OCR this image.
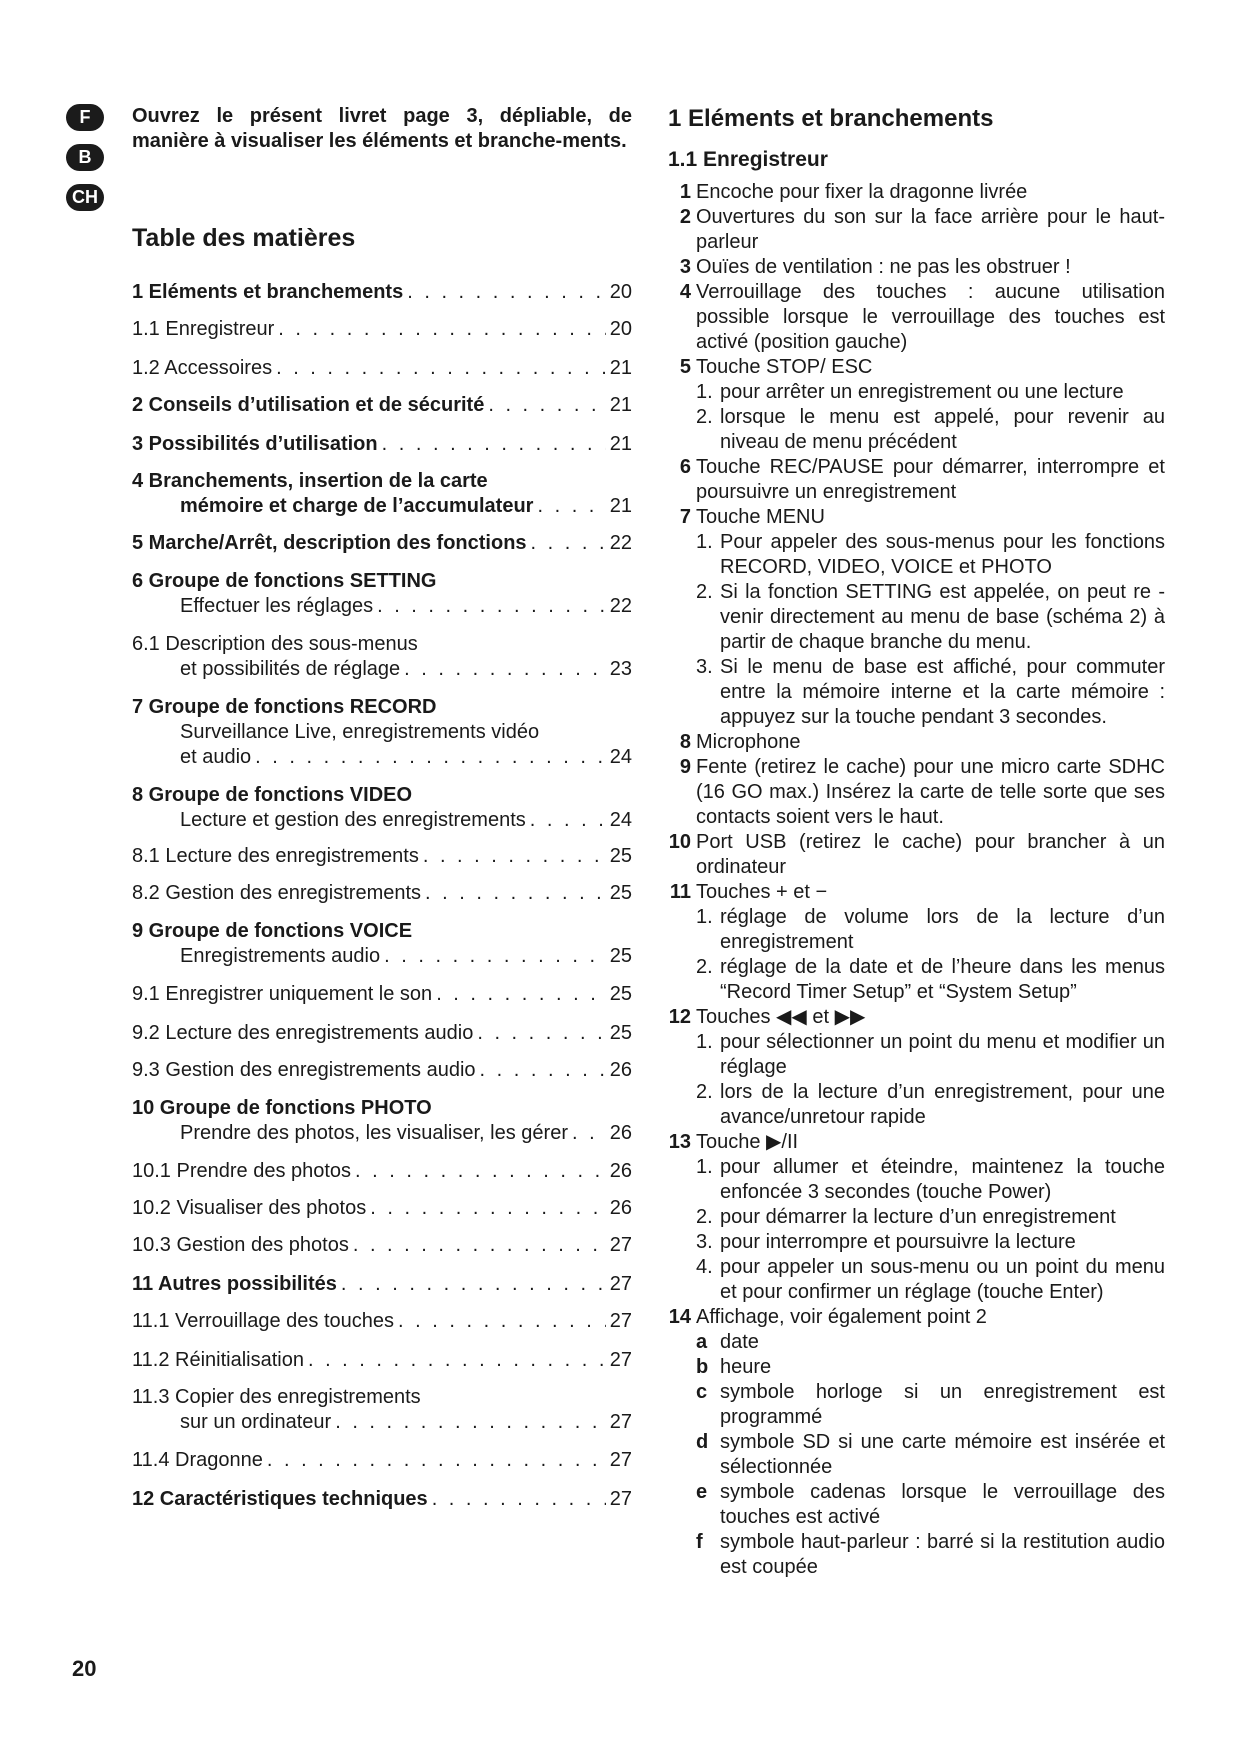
F
B
CH
Ouvrez le présent livret page 3, dépliable, de manière à visualiser les éléments et branche-ments.
Table des matières
1 Eléments et branchements . . .	20
1.1 Enregistreur . . .	20
1.2 Accessoires . . .	21
2 Conseils d’utilisation et de sécurité . . .	21
3 Possibilités d’utilisation . . .	21
4 Branchements, insertion de la carte
mémoire et charge de l’accumulateur . . .	21
5 Marche/Arrêt, description des fonctions . . .	22
6 Groupe de fonctions SETTING
Effectuer les réglages . . .	22
6.1 Description des sous-menus
et possibilités de réglage . . .	23
7 Groupe de fonctions RECORD
Surveillance Live, enregistrements vidéo
et audio . . .	24
8 Groupe de fonctions VIDEO
Lecture et gestion des enregistrements . . .	24
8.1 Lecture des enregistrements . . .	25
8.2 Gestion des enregistrements . . .	25
9 Groupe de fonctions VOICE
Enregistrements audio . . .	25
9.1 Enregistrer uniquement le son . . .	25
9.2 Lecture des enregistrements audio . . .	25
9.3 Gestion des enregistrements audio . . .	26
10 Groupe de fonctions PHOTO
Prendre des photos, les visualiser, les gérer . . . 26
10.1 Prendre des photos . . .	26
10.2 Visualiser des photos . . .	26
10.3 Gestion des photos . . .	27
11 Autres possibilités . . .	27
11.1 Verrouillage des touches . . .	27
11.2 Réinitialisation . . .	27
11.3 Copier des enregistrements
sur un ordinateur . . .	27
11.4 Dragonne . . .	27
12 Caractéristiques techniques . . .	27
20
1 Eléments et branchements
1.1 Enregistreur
1 Encoche pour fixer la dragonne livrée
2 Ouvertures du son sur la face arrière pour le haut-parleur
3 Ouïes de ventilation : ne pas les obstruer !
4 Verrouillage des touches : aucune utilisation possible lorsque le verrouillage des touches est activé (position gauche)
5 Touche STOP/ ESC
1. pour arrêter un enregistrement ou une lecture
2. lorsque le menu est appelé, pour revenir au niveau de menu précédent
6 Touche REC/PAUSE pour démarrer, interrompre et poursuivre un enregistrement
7 Touche MENU
1. Pour appeler des sous-menus pour les fonctions RECORD, VIDEO, VOICE et PHOTO
2. Si la fonction SETTING est appelée, on peut re - venir directement au menu de base (schéma 2) à partir de chaque branche du menu.
3. Si le menu de base est affiché, pour commuter entre la mémoire interne et la carte mémoire : appuyez sur la touche pendant 3 secondes.
8 Microphone
9 Fente (retirez le cache) pour une micro carte SDHC (16 GO max.) Insérez la carte de telle sorte que ses contacts soient vers le haut.
10 Port USB (retirez le cache) pour brancher à un ordinateur
11 Touches + et −
1. réglage de volume lors de la lecture d’un enregistrement
2. réglage de la date et de l’heure dans les menus “Record Timer Setup” et “System Setup”
12 Touches ◀◀ et ▶▶
1. pour sélectionner un point du menu et modifier un réglage
2. lors de la lecture d’un enregistrement, pour une avance/unretour rapide
13 Touche ▶/II
1. pour allumer et éteindre, maintenez la touche enfoncée 3 secondes (touche Power)
2. pour démarrer la lecture d’un enregistrement
3. pour interrompre et poursuivre la lecture
4. pour appeler un sous-menu ou un point du menu et pour confirmer un réglage (touche Enter)
14 Affichage, voir également point 2
a date
b heure
c symbole horloge si un enregistrement est programmé
d symbole SD si une carte mémoire est insérée et sélectionnée
e symbole cadenas lorsque le verrouillage des touches est activé
f symbole haut-parleur : barré si la restitution audio est coupée
